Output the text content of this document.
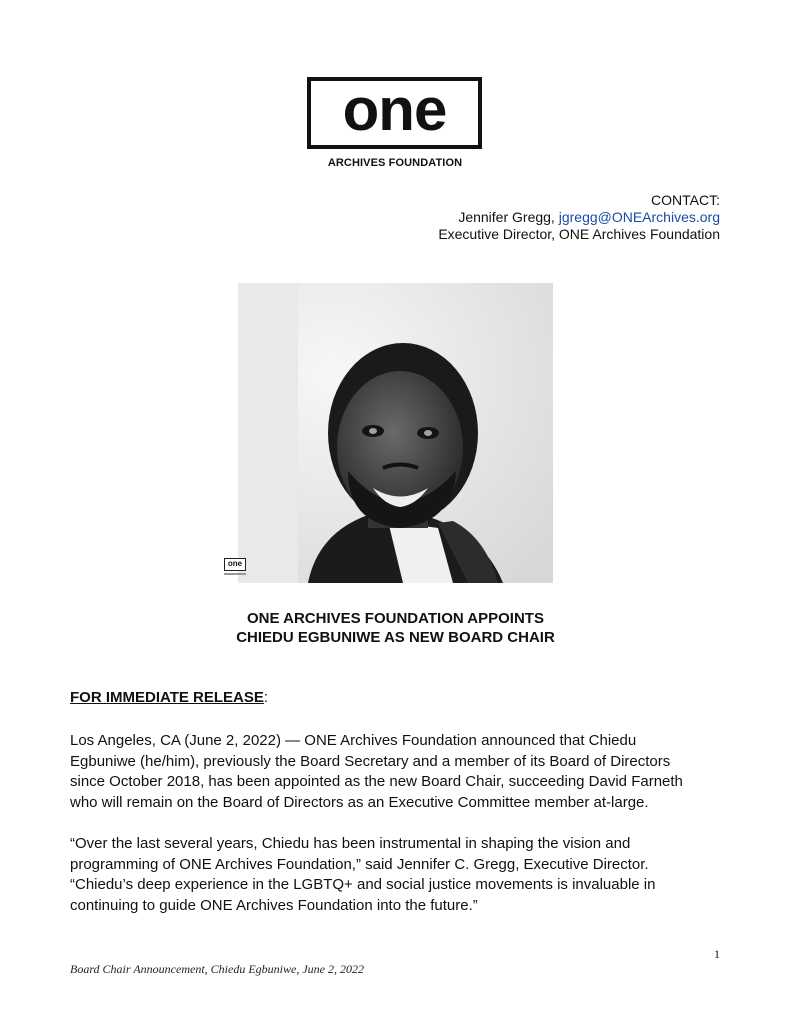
one
ARCHIVES FOUNDATION
CONTACT:
Jennifer Gregg, jgregg@ONEArchives.org
Executive Director, ONE Archives Foundation
one
ONE ARCHIVES FOUNDATION APPOINTS
CHIEDU EGBUNIWE AS NEW BOARD CHAIR
FOR IMMEDIATE RELEASE:
Los Angeles, CA (June 2, 2022) — ONE Archives Foundation announced that Chiedu
Egbuniwe (he/him), previously the Board Secretary and a member of its Board of Directors
since October 2018, has been appointed as the new Board Chair, succeeding David Farneth
who will remain on the Board of Directors as an Executive Committee member at-large.
“Over the last several years, Chiedu has been instrumental in shaping the vision and
programming of ONE Archives Foundation,” said Jennifer C. Gregg, Executive Director.
“Chiedu’s deep experience in the LGBTQ+ and social justice movements is invaluable in
continuing to guide ONE Archives Foundation into the future.”
1
Board Chair Announcement, Chiedu Egbuniwe, June 2, 2022
